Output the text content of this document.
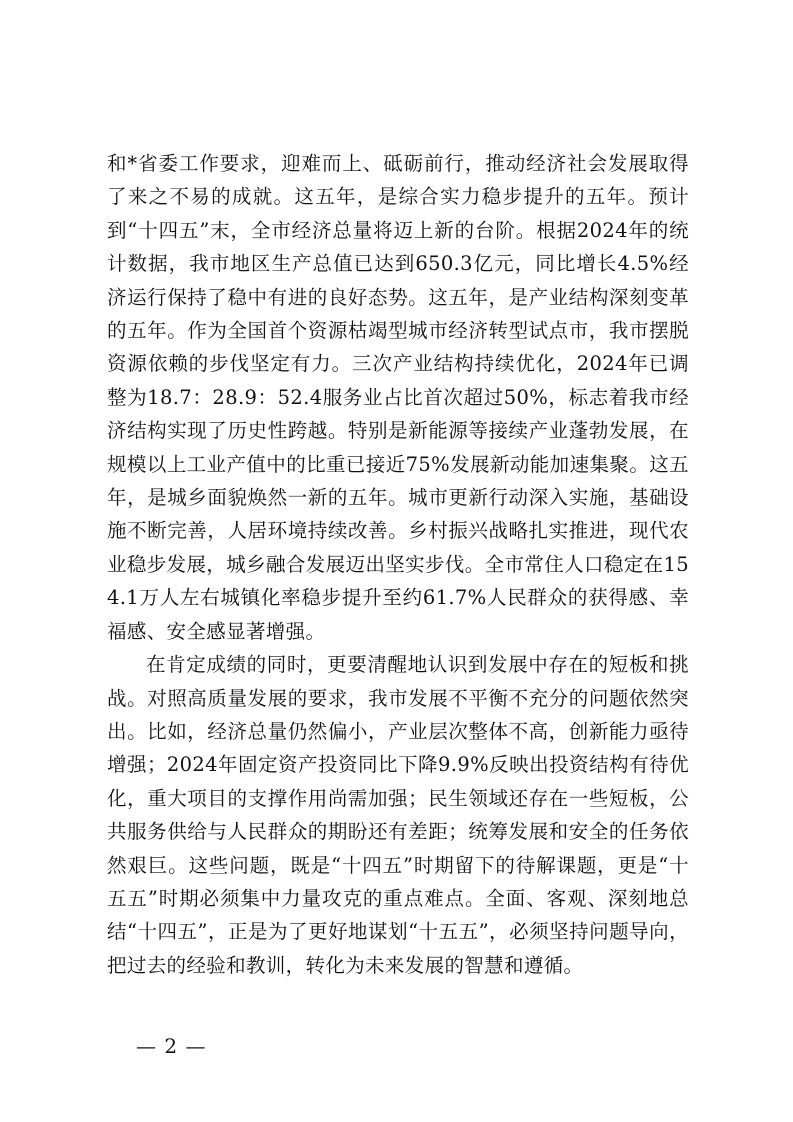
和*省委工作要求，迎难而上、砥砺前行，推动经济社会发展取得了来之不易的成就。这五年，是综合实力稳步提升的五年。预计到“十四五”末，全市经济总量将迈上新的台阶。根据2024年的统计数据，我市地区生产总值已达到650.3亿元，同比增长4.5%经济运行保持了稳中有进的良好态势。这五年，是产业结构深刻变革的五年。作为全国首个资源枯竭型城市经济转型试点市，我市摆脱资源依赖的步伐坚定有力。三次产业结构持续优化，2024年已调整为18.7：28.9：52.4服务业占比首次超过50%，标志着我市经济结构实现了历史性跨越。特别是新能源等接续产业蓬勃发展，在规模以上工业产值中的比重已接近75%发展新动能加速集聚。这五年，是城乡面貌焕然一新的五年。城市更新行动深入实施，基础设施不断完善，人居环境持续改善。乡村振兴战略扎实推进，现代农业稳步发展，城乡融合发展迈出坚实步伐。全市常住人口稳定在154.1万人左右城镇化率稳步提升至约61.7%人民群众的获得感、幸福感、安全感显著增强。

在肯定成绩的同时，更要清醒地认识到发展中存在的短板和挑战。对照高质量发展的要求，我市发展不平衡不充分的问题依然突出。比如，经济总量仍然偏小，产业层次整体不高，创新能力亟待增强；2024年固定资产投资同比下降9.9%反映出投资结构有待优化，重大项目的支撑作用尚需加强；民生领域还存在一些短板，公共服务供给与人民群众的期盼还有差距；统筹发展和安全的任务依然艰巨。这些问题，既是“十四五”时期留下的待解课题，更是“十五五”时期必须集中力量攻克的重点难点。全面、客观、深刻地总结“十四五”，正是为了更好地谋划“十五五”，必须坚持问题导向，把过去的经验和教训，转化为未来发展的智慧和遵循。

— 2 —
